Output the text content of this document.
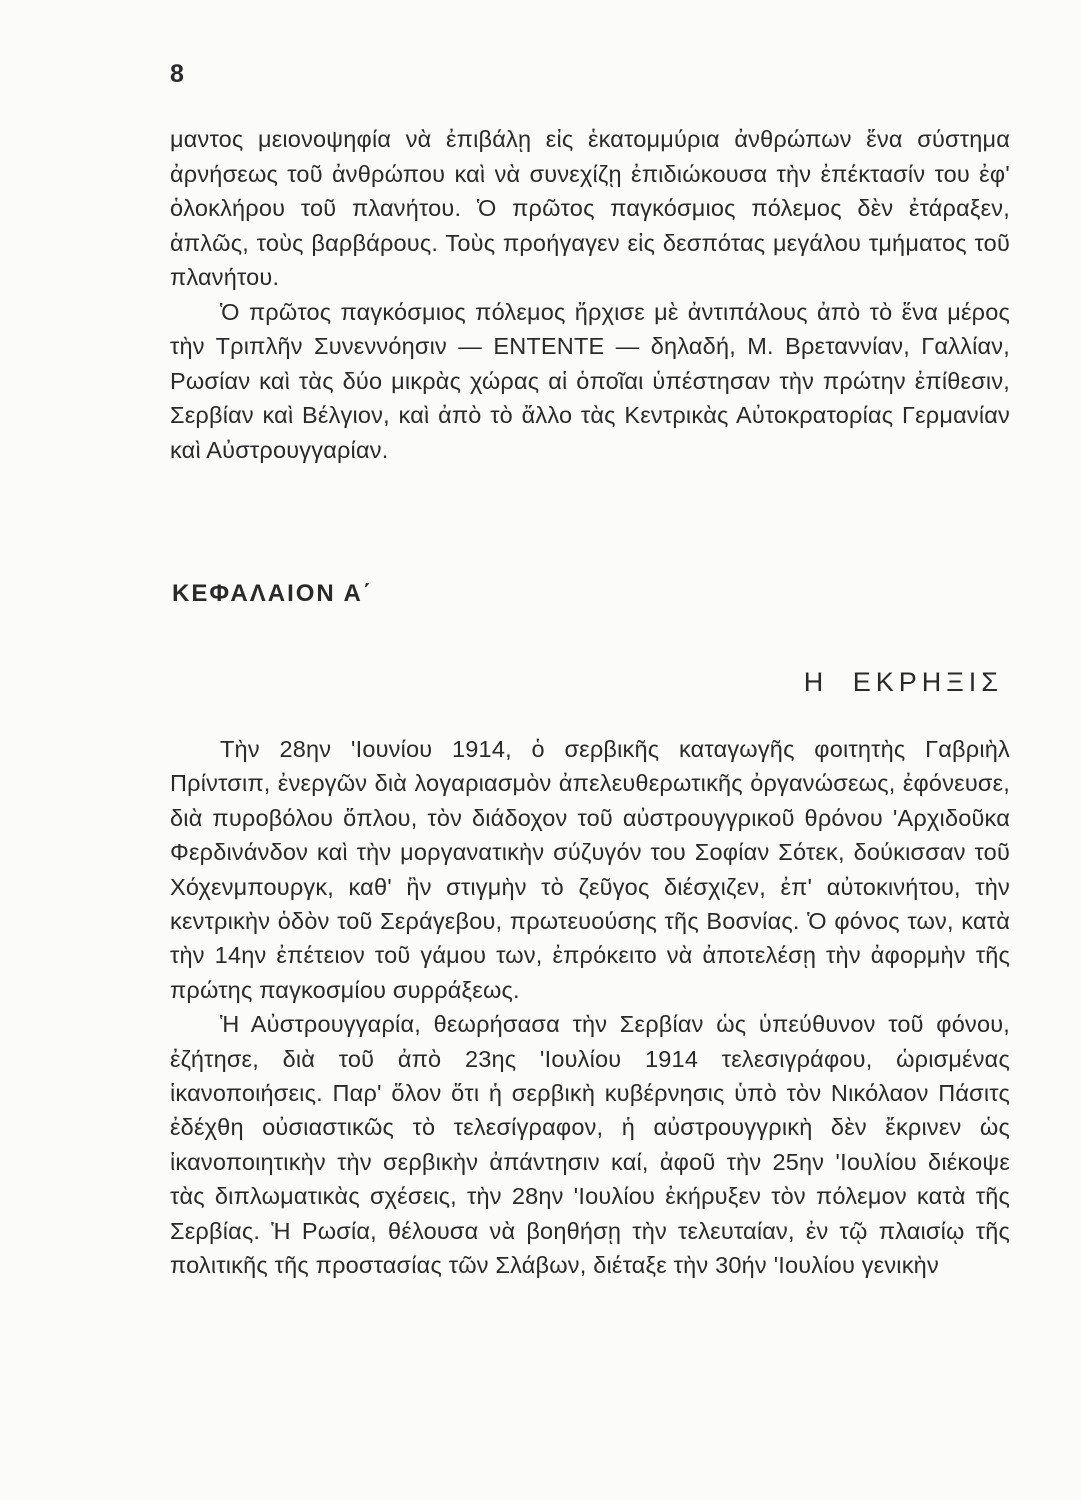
8

μαντος μειονοψηφία νὰ ἐπιβάλῃ εἰς ἑκατομμύρια ἀνθρώπων ἕνα σύστημα ἀρνήσεως τοῦ ἀνθρώπου καὶ νὰ συνεχίζῃ ἐπιδιώκουσα τὴν ἐπέκτασίν του ἐφ' ὁλοκλήρου τοῦ πλανήτου. Ὁ πρῶτος παγκόσμιος πόλεμος δὲν ἐτάραξεν, ἁπλῶς, τοὺς βαρβάρους. Τοὺς προήγαγεν εἰς δεσπότας μεγάλου τμήματος τοῦ πλανήτου.

Ὁ πρῶτος παγκόσμιος πόλεμος ἤρχισε μὲ ἀντιπάλους ἀπὸ τὸ ἕνα μέρος τὴν Τριπλῆν Συνεννόησιν — ENTENTE — δηλαδή, Μ. Βρεταννίαν, Γαλλίαν, Ρωσίαν καὶ τὰς δύο μικρὰς χώρας αἱ ὁποῖαι ὑπέστησαν τὴν πρώτην ἐπίθεσιν, Σερβίαν καὶ Βέλγιον, καὶ ἀπὸ τὸ ἄλλο τὰς Κεντρικὰς Αὐτοκρατορίας Γερμανίαν καὶ Αὐστρουγγαρίαν.

ΚΕΦΑΛΑΙΟΝ Α΄
Η ΕΚΡΗΞΙΣ

Τὴν 28ην 'Ιουνίου 1914, ὁ σερβικῆς καταγωγῆς φοιτητὴς Γαβριὴλ Πρίντσιπ, ἐνεργῶν διὰ λογαριασμὸν ἀπελευθερωτικῆς ὀργανώσεως, ἐφόνευσε, διὰ πυροβόλου ὅπλου, τὸν διάδοχον τοῦ αὐστρουγγρικοῦ θρόνου 'Αρχιδοῦκα Φερδινάνδον καὶ τὴν μοργανατικὴν σύζυγόν του Σοφίαν Σότεκ, δούκισσαν τοῦ Χόχενμπουργκ, καθ' ἣν στιγμὴν τὸ ζεῦγος διέσχιζεν, ἐπ' αὐτοκινήτου, τὴν κεντρικὴν ὁδὸν τοῦ Σεράγεβου, πρωτευούσης τῆς Βοσνίας. Ὁ φόνος των, κατὰ τὴν 14ην ἐπέτειον τοῦ γάμου των, ἐπρόκειτο νὰ ἀποτελέσῃ τὴν ἀφορμὴν τῆς πρώτης παγκοσμίου συρράξεως.

Ἡ Αὐστρουγγαρία, θεωρήσασα τὴν Σερβίαν ὡς ὑπεύθυνον τοῦ φόνου, ἐζήτησε, διὰ τοῦ ἀπὸ 23ης 'Ιουλίου 1914 τελεσιγράφου, ὡρισμένας ἱκανοποιήσεις. Παρ' ὅλον ὅτι ἡ σερβικὴ κυβέρνησις ὑπὸ τὸν Νικόλαον Πάσιτς ἐδέχθη οὐσιαστικῶς τὸ τελεσίγραφον, ἡ αὐστρουγγρικὴ δὲν ἔκρινεν ὡς ἱκανοποιητικὴν τὴν σερβικὴν ἀπάντησιν καί, ἀφοῦ τὴν 25ην 'Ιουλίου διέκοψε τὰς διπλωματικὰς σχέσεις, τὴν 28ην 'Ιουλίου ἐκήρυξεν τὸν πόλεμον κατὰ τῆς Σερβίας. Ἡ Ρωσία, θέλουσα νὰ βοηθήσῃ τὴν τελευταίαν, ἐν τῷ πλαισίῳ τῆς πολιτικῆς τῆς προστασίας τῶν Σλάβων, διέταξε τὴν 30ήν 'Ιουλίου γενικὴν
